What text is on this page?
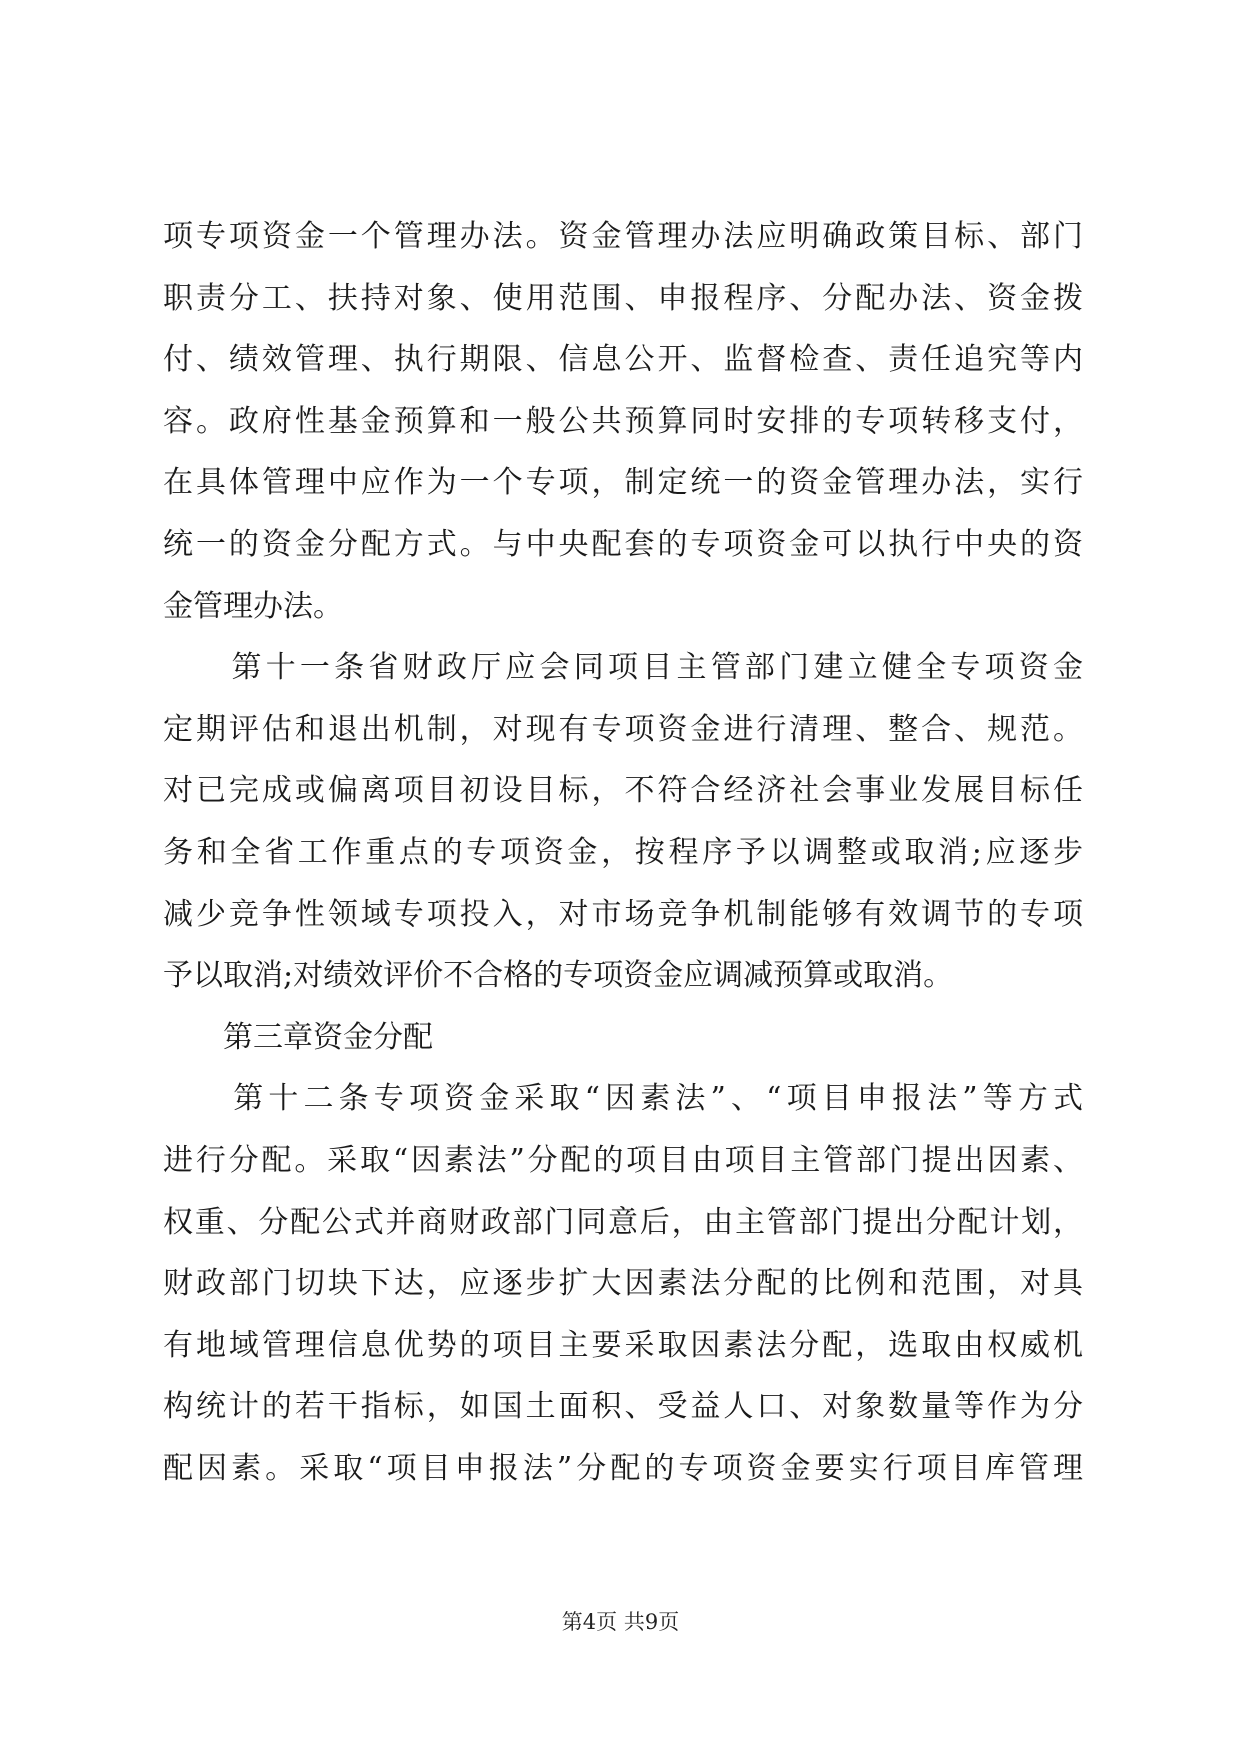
项专项资金一个管理办法。资金管理办法应明确政策目标、部门
职责分工、扶持对象、使用范围、申报程序、分配办法、资金拨
付、绩效管理、执行期限、信息公开、监督检查、责任追究等内
容。政府性基金预算和一般公共预算同时安排的专项转移支付，
在具体管理中应作为一个专项，制定统一的资金管理办法，实行
统一的资金分配方式。与中央配套的专项资金可以执行中央的资
金管理办法。
　　第十一条省财政厅应会同项目主管部门建立健全专项资金
定期评估和退出机制，对现有专项资金进行清理、整合、规范。
对已完成或偏离项目初设目标，不符合经济社会事业发展目标任
务和全省工作重点的专项资金，按程序予以调整或取消;应逐步
减少竞争性领域专项投入，对市场竞争机制能够有效调节的专项
予以取消;对绩效评价不合格的专项资金应调减预算或取消。
　　第三章资金分配
　　第十二条专项资金采取“因素法”、“项目申报法”等方式
进行分配。采取“因素法”分配的项目由项目主管部门提出因素、
权重、分配公式并商财政部门同意后，由主管部门提出分配计划，
财政部门切块下达，应逐步扩大因素法分配的比例和范围，对具
有地域管理信息优势的项目主要采取因素法分配，选取由权威机
构统计的若干指标，如国土面积、受益人口、对象数量等作为分
配因素。采取“项目申报法”分配的专项资金要实行项目库管理
第4页 共9页
